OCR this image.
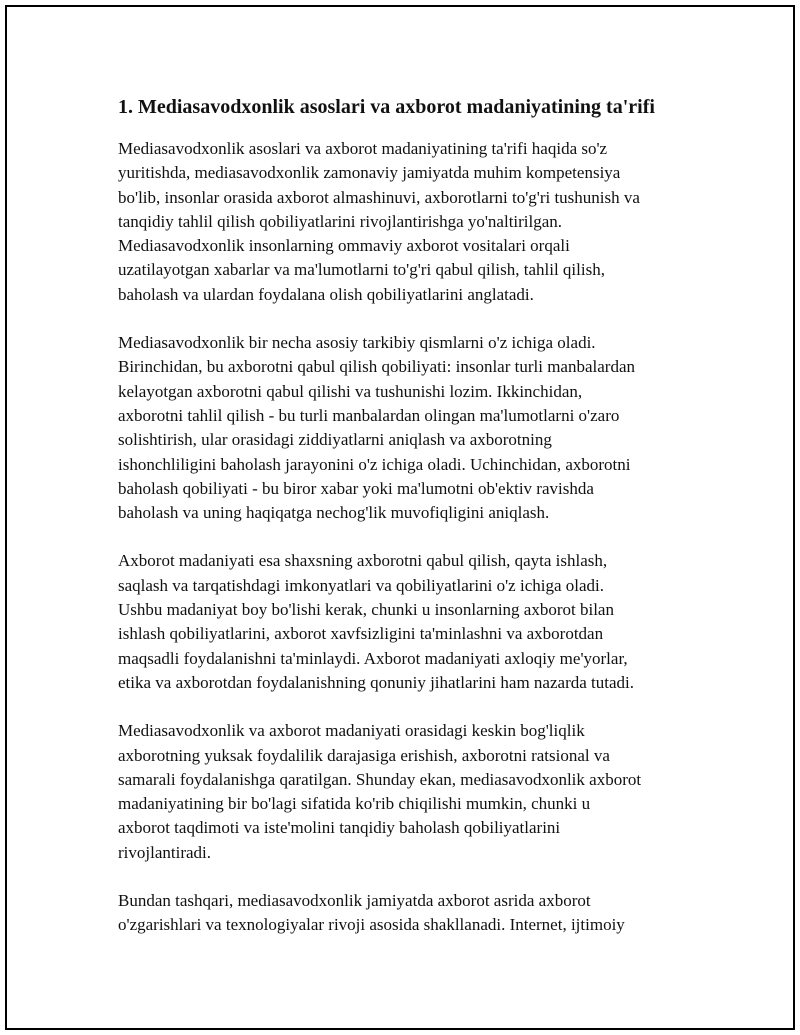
1. Mediasavodxonlik asoslari va axborot madaniyatining ta'rifi

Mediasavodxonlik asoslari va axborot madaniyatining ta'rifi haqida so'z
yuritishda, mediasavodxonlik zamonaviy jamiyatda muhim kompetensiya
bo'lib, insonlar orasida axborot almashinuvi, axborotlarni to'g'ri tushunish va
tanqidiy tahlil qilish qobiliyatlarini rivojlantirishga yo'naltirilgan.
Mediasavodxonlik insonlarning ommaviy axborot vositalari orqali
uzatilayotgan xabarlar va ma'lumotlarni to'g'ri qabul qilish, tahlil qilish,
baholash va ulardan foydalana olish qobiliyatlarini anglatadi.

Mediasavodxonlik bir necha asosiy tarkibiy qismlarni o'z ichiga oladi.
Birinchidan, bu axborotni qabul qilish qobiliyati: insonlar turli manbalardan
kelayotgan axborotni qabul qilishi va tushunishi lozim. Ikkinchidan,
axborotni tahlil qilish - bu turli manbalardan olingan ma'lumotlarni o'zaro
solishtirish, ular orasidagi ziddiyatlarni aniqlash va axborotning
ishonchliligini baholash jarayonini o'z ichiga oladi. Uchinchidan, axborotni
baholash qobiliyati - bu biror xabar yoki ma'lumotni ob'ektiv ravishda
baholash va uning haqiqatga nechog'lik muvofiqligini aniqlash.

Axborot madaniyati esa shaxsning axborotni qabul qilish, qayta ishlash,
saqlash va tarqatishdagi imkonyatlari va qobiliyatlarini o'z ichiga oladi.
Ushbu madaniyat boy bo'lishi kerak, chunki u insonlarning axborot bilan
ishlash qobiliyatlarini, axborot xavfsizligini ta'minlashni va axborotdan
maqsadli foydalanishni ta'minlaydi. Axborot madaniyati axloqiy me'yorlar,
etika va axborotdan foydalanishning qonuniy jihatlarini ham nazarda tutadi.

Mediasavodxonlik va axborot madaniyati orasidagi keskin bog'liqlik
axborotning yuksak foydalilik darajasiga erishish, axborotni ratsional va
samarali foydalanishga qaratilgan. Shunday ekan, mediasavodxonlik axborot
madaniyatining bir bo'lagi sifatida ko'rib chiqilishi mumkin, chunki u
axborot taqdimoti va iste'molini tanqidiy baholash qobiliyatlarini
rivojlantiradi.

Bundan tashqari, mediasavodxonlik jamiyatda axborot asrida axborot
o'zgarishlari va texnologiyalar rivoji asosida shakllanadi. Internet, ijtimoiy
